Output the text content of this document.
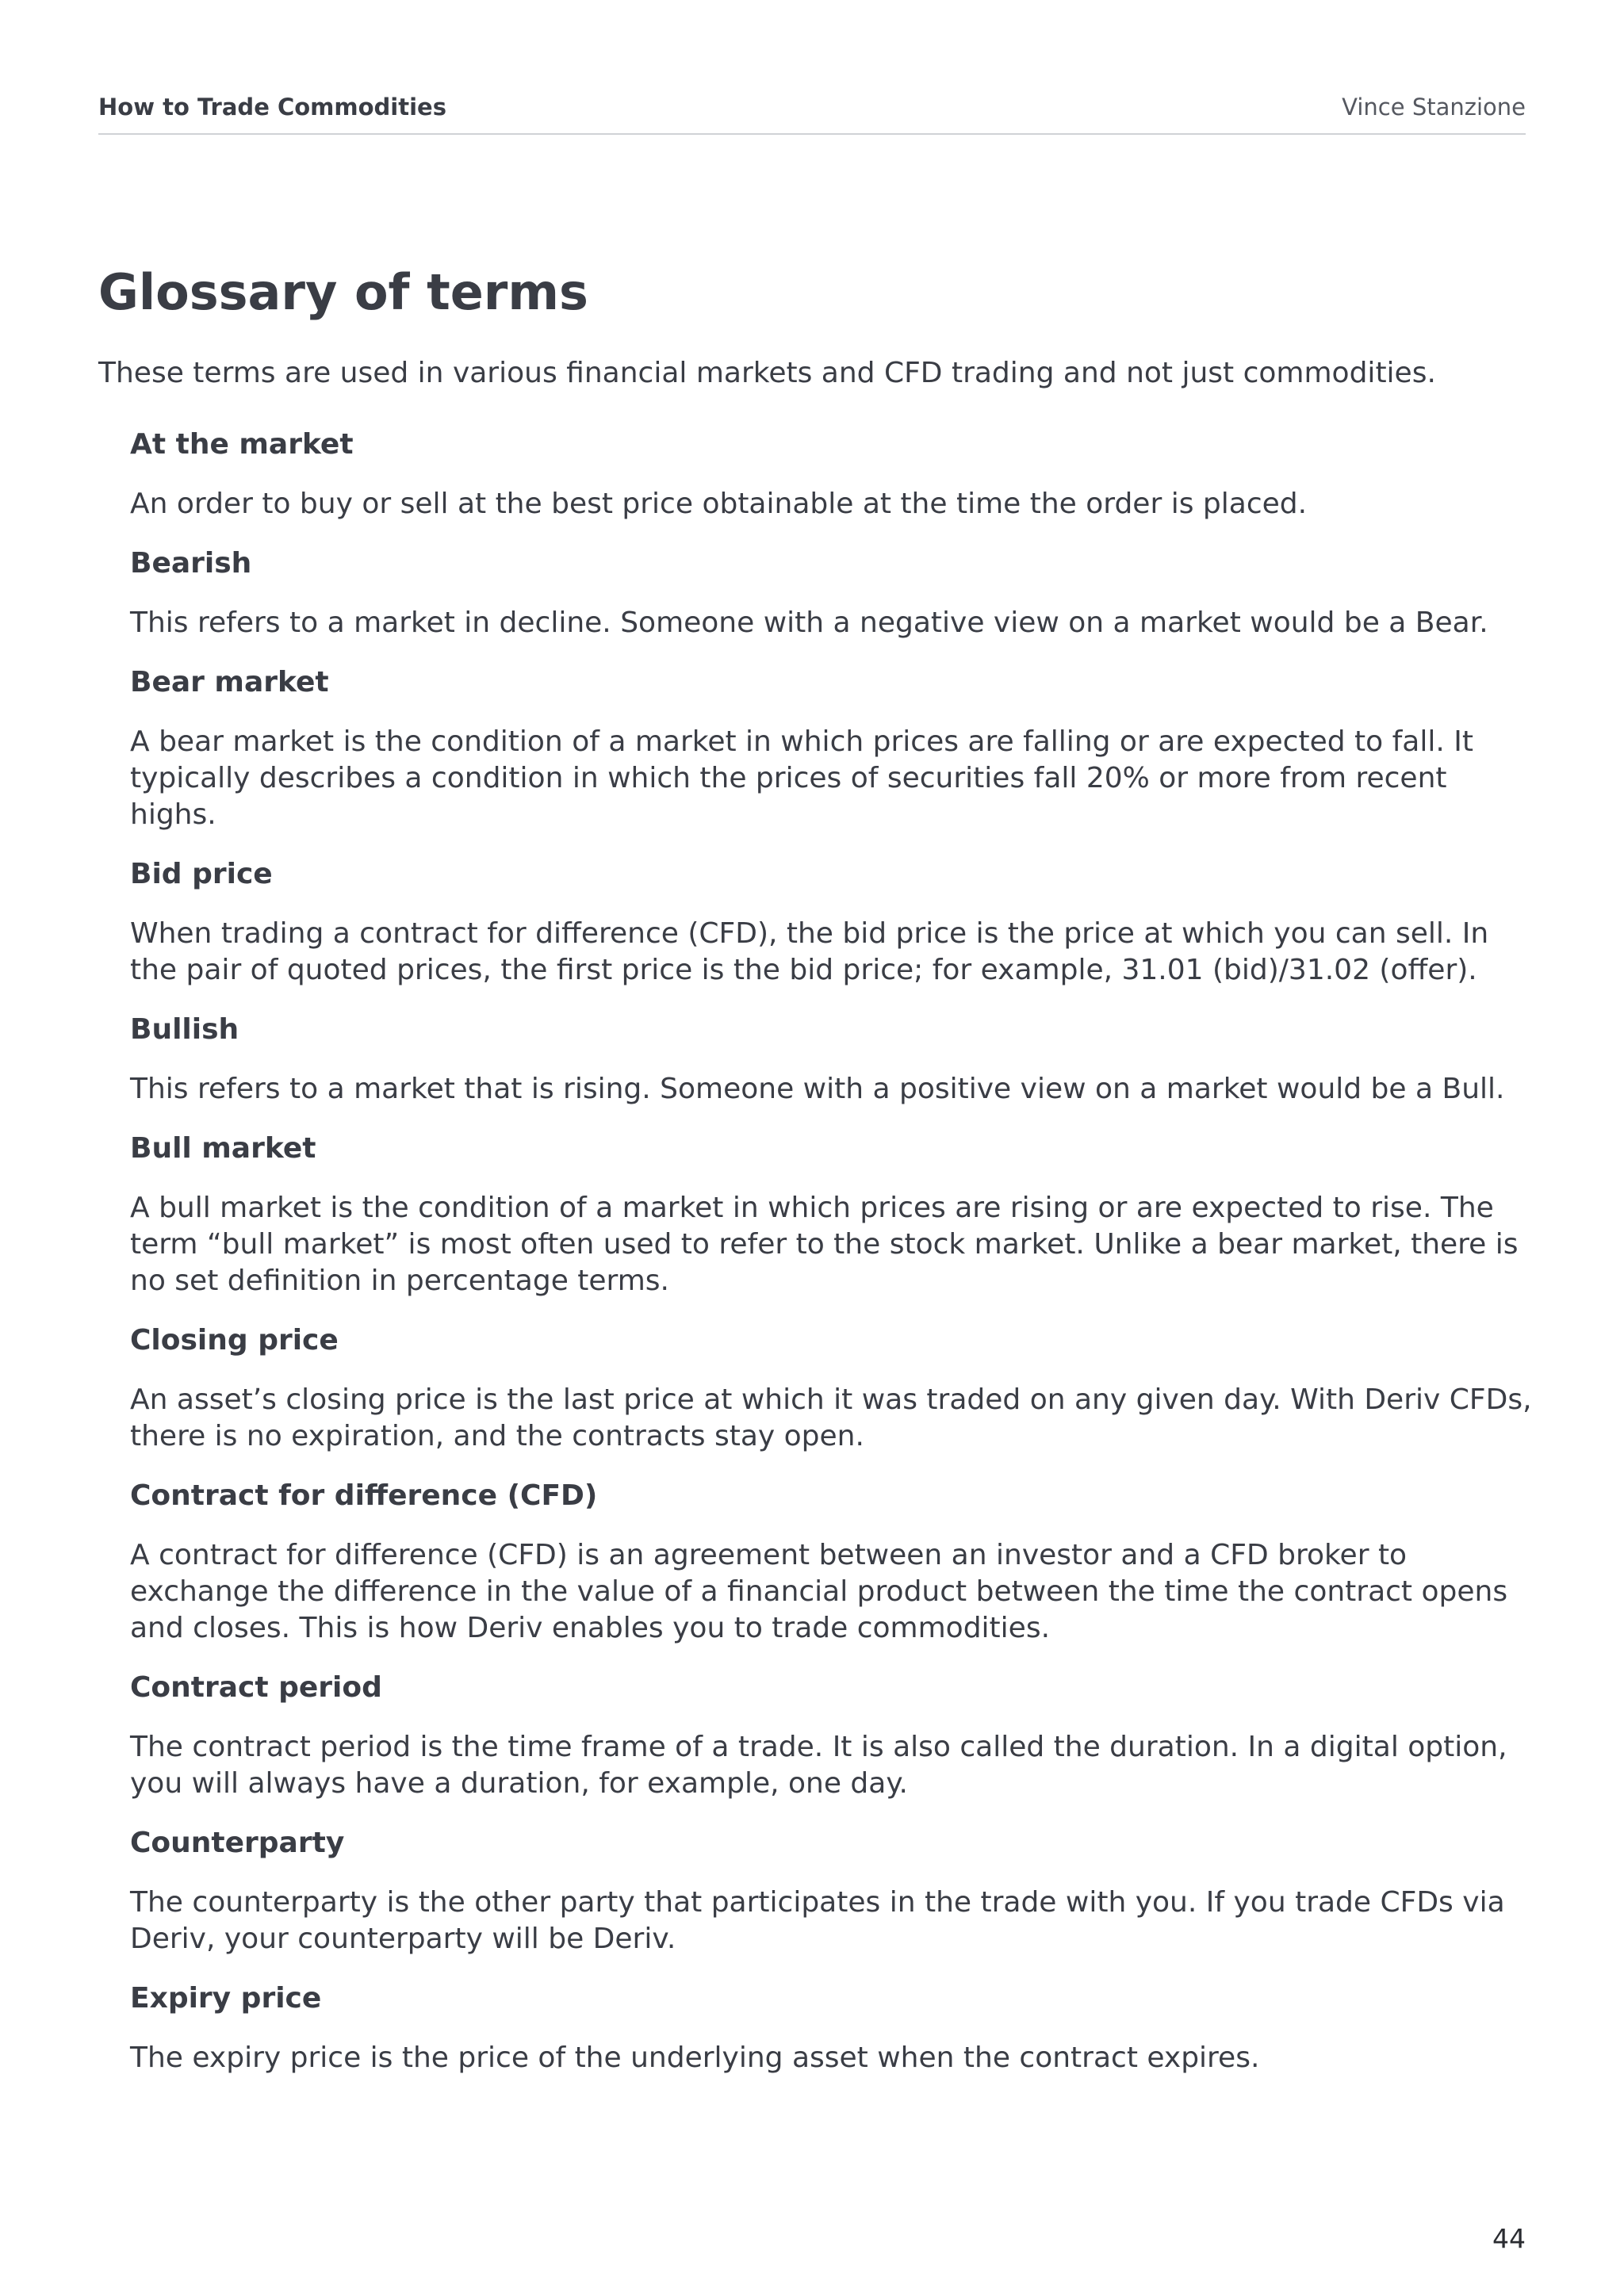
How to Trade Commodities	Vince Stanzione
Glossary of terms

These terms are used in various financial markets and CFD trading and not just commodities.

At the market

An order to buy or sell at the best price obtainable at the time the order is placed.

Bearish

This refers to a market in decline. Someone with a negative view on a market would be a Bear.

Bear market

A bear market is the condition of a market in which prices are falling or are expected to fall. It typically describes a condition in which the prices of securities fall 20% or more from recent highs.

Bid price

When trading a contract for difference (CFD), the bid price is the price at which you can sell. In the pair of quoted prices, the first price is the bid price; for example, 31.01 (bid)/31.02 (offer).

Bullish

This refers to a market that is rising. Someone with a positive view on a market would be a Bull.

Bull market

A bull market is the condition of a market in which prices are rising or are expected to rise. The term “bull market” is most often used to refer to the stock market. Unlike a bear market, there is no set definition in percentage terms.

Closing price

An asset’s closing price is the last price at which it was traded on any given day. With Deriv CFDs, there is no expiration, and the contracts stay open.

Contract for difference (CFD)

A contract for difference (CFD) is an agreement between an investor and a CFD broker to exchange the difference in the value of a financial product between the time the contract opens and closes. This is how Deriv enables you to trade commodities.

Contract period

The contract period is the time frame of a trade. It is also called the duration. In a digital option, you will always have a duration, for example, one day.

Counterparty

The counterparty is the other party that participates in the trade with you. If you trade CFDs via Deriv, your counterparty will be Deriv.

Expiry price

The expiry price is the price of the underlying asset when the contract expires.

44
